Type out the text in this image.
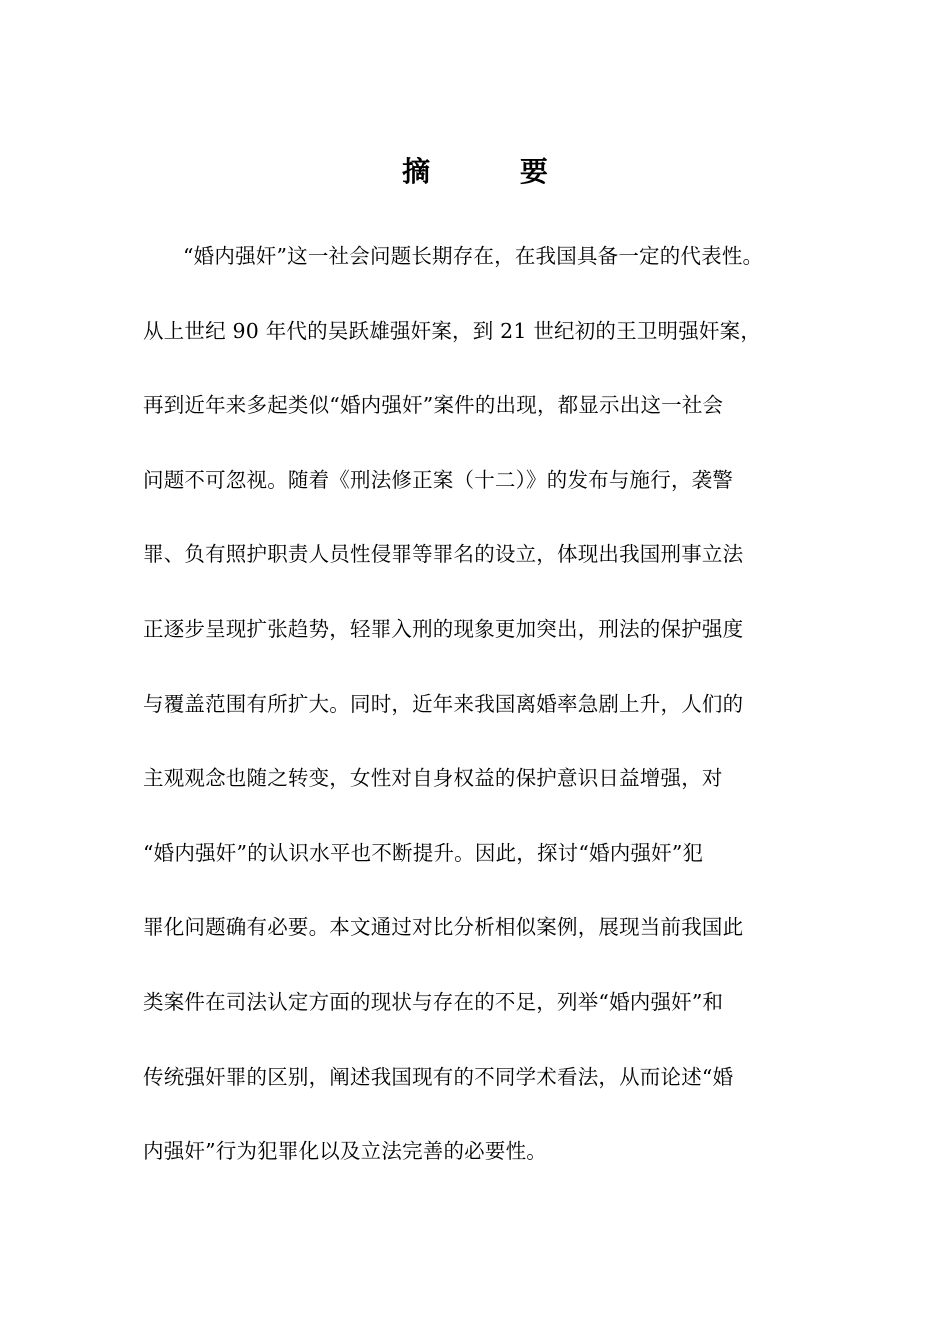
摘 要
“婚内强奸”这一社会问题长期存在，在我国具备一定的代表性。
从上世纪 90 年代的吴跃雄强奸案，到 21 世纪初的王卫明强奸案，
再到近年来多起类似“婚内强奸”案件的出现，都显示出这一社会
问题不可忽视。随着《刑法修正案（十二）》的发布与施行，袭警
罪、负有照护职责人员性侵罪等罪名的设立，体现出我国刑事立法
正逐步呈现扩张趋势，轻罪入刑的现象更加突出，刑法的保护强度
与覆盖范围有所扩大。同时，近年来我国离婚率急剧上升，人们的
主观观念也随之转变，女性对自身权益的保护意识日益增强，对
“婚内强奸”的认识水平也不断提升。因此，探讨“婚内强奸”犯
罪化问题确有必要。本文通过对比分析相似案例，展现当前我国此
类案件在司法认定方面的现状与存在的不足，列举“婚内强奸”和
传统强奸罪的区别，阐述我国现有的不同学术看法，从而论述“婚
内强奸”行为犯罪化以及立法完善的必要性。
